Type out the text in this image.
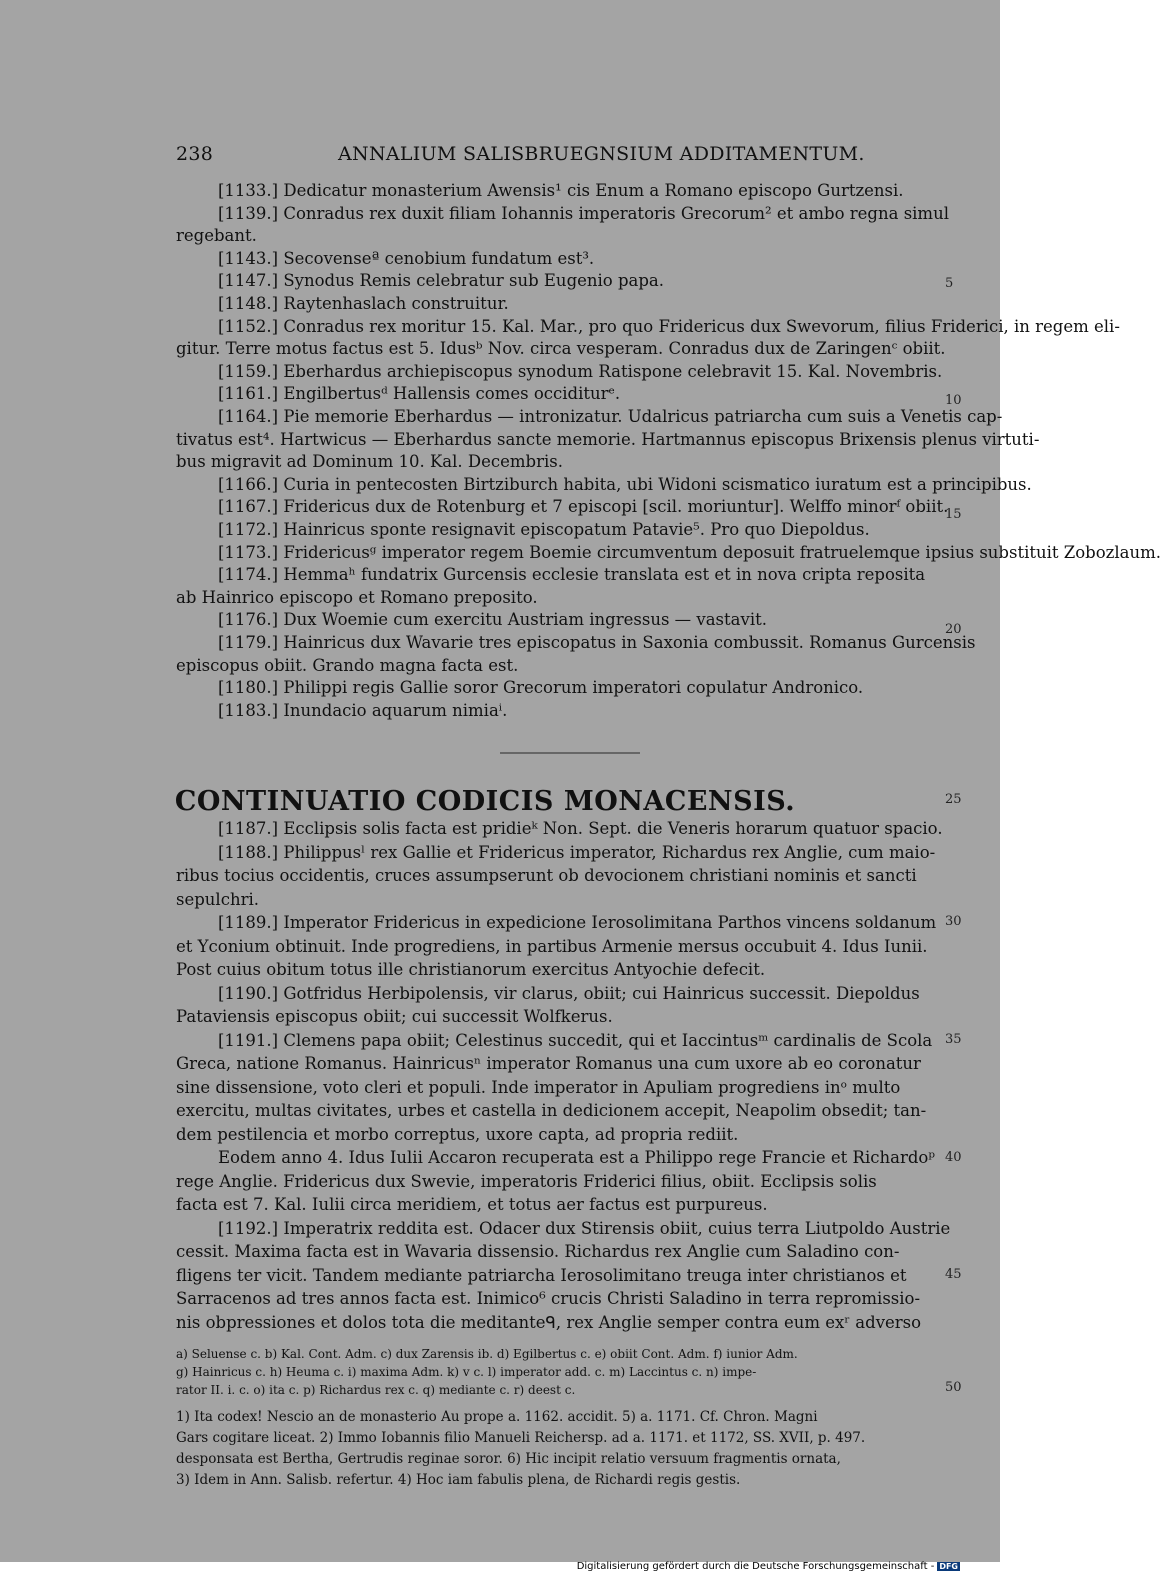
238	ANNALIUM SALISBRUEGNSIUM ADDITAMENTUM.
[1133.] Dedicatur monasterium Awensis¹ cis Enum a Romano episcopo Gurtzensi.
[1139.] Conradus rex duxit filiam Iohannis imperatoris Grecorum² et ambo regna simul
regebant.
[1143.] Secovenseª cenobium fundatum est³.
[1147.] Synodus Remis celebratur sub Eugenio papa.
[1148.] Raytenhaslach construitur.
[1152.] Conradus rex moritur 15. Kal. Mar., pro quo Fridericus dux Swevorum, filius Friderici, in regem eli-
gitur. Terre motus factus est 5. Idusᵇ Nov. circa vesperam. Conradus dux de Zaringenᶜ obiit.
[1159.] Eberhardus archiepiscopus synodum Ratispone celebravit 15. Kal. Novembris.
[1161.] Engilbertusᵈ Hallensis comes occiditurᵉ.
[1164.] Pie memorie Eberhardus — intronizatur. Udalricus patriarcha cum suis a Venetis cap-
tivatus est⁴. Hartwicus — Eberhardus sancte memorie. Hartmannus episcopus Brixensis plenus virtuti-
bus migravit ad Dominum 10. Kal. Decembris.
[1166.] Curia in pentecosten Birtziburch habita, ubi Widoni scismatico iuratum est a principibus.
[1167.] Fridericus dux de Rotenburg et 7 episcopi [scil. moriuntur]. Welffo minorᶠ obiit.
[1172.] Hainricus sponte resignavit episcopatum Patavie⁵. Pro quo Diepoldus.
[1173.] Fridericusᵍ imperator regem Boemie circumventum deposuit fratruelemque ipsius substituit Zobozlaum.
[1174.] Hemmaʰ fundatrix Gurcensis ecclesie translata est et in nova cripta reposita
ab Hainrico episcopo et Romano preposito.
[1176.] Dux Woemie cum exercitu Austriam ingressus — vastavit.
[1179.] Hainricus dux Wavarie tres episcopatus in Saxonia combussit. Romanus Gurcensis
episcopus obiit. Grando magna facta est.
[1180.] Philippi regis Gallie soror Grecorum imperatori copulatur Andronico.
[1183.] Inundacio aquarum nimiaⁱ.
CONTINUATIO CODICIS MONACENSIS.
[1187.] Ecclipsis solis facta est pridieᵏ Non. Sept. die Veneris horarum quatuor spacio.
[1188.] Philippusˡ rex Gallie et Fridericus imperator, Richardus rex Anglie, cum maio-
ribus tocius occidentis, cruces assumpserunt ob devocionem christiani nominis et sancti
sepulchri.
[1189.] Imperator Fridericus in expedicione Ierosolimitana Parthos vincens soldanum
et Yconium obtinuit. Inde progrediens, in partibus Armenie mersus occubuit 4. Idus Iunii.
Post cuius obitum totus ille christianorum exercitus Antyochie defecit.
[1190.] Gotfridus Herbipolensis, vir clarus, obiit; cui Hainricus successit. Diepoldus
Pataviensis episcopus obiit; cui successit Wolfkerus.
[1191.] Clemens papa obiit; Celestinus succedit, qui et Iaccintusᵐ cardinalis de Scola
Greca, natione Romanus. Hainricusⁿ imperator Romanus una cum uxore ab eo coronatur
sine dissensione, voto cleri et populi. Inde imperator in Apuliam progrediens inᵒ multo
exercitu, multas civitates, urbes et castella in dedicionem accepit, Neapolim obsedit; tan-
dem pestilencia et morbo correptus, uxore capta, ad propria rediit.
Eodem anno 4. Idus Iulii Accaron recuperata est a Philippo rege Francie et Richardoᵖ
rege Anglie. Fridericus dux Swevie, imperatoris Friderici filius, obiit. Ecclipsis solis
facta est 7. Kal. Iulii circa meridiem, et totus aer factus est purpureus.
[1192.] Imperatrix reddita est. Odacer dux Stirensis obiit, cuius terra Liutpoldo Austrie
cessit. Maxima facta est in Wavaria dissensio. Richardus rex Anglie cum Saladino con-
fligens ter vicit. Tandem mediante patriarcha Ierosolimitano treuga inter christianos et
Sarracenos ad tres annos facta est. Inimico⁶ crucis Christi Saladino in terra repromissio-
nis obpressiones et dolos tota die meditanteᑫ, rex Anglie semper contra eum exʳ adverso
5
10
15
20
25
30
35
40
45
50
a) Seluense c. b) Kal. Cont. Adm. c) dux Zarensis ib. d) Egilbertus c. e) obiit Cont. Adm. f) iunior Adm.
g) Hainricus c. h) Heuma c. i) maxima Adm. k) v c. l) imperator add. c. m) Laccintus c. n) impe-
rator II. i. c. o) ita c. p) Richardus rex c. q) mediante c. r) deest c.
1) Ita codex! Nescio an de monasterio Au prope a. 1162. accidit. 5) a. 1171. Cf. Chron. Magni
Gars cogitare liceat. 2) Immo Iobannis filio Manueli Reichersp. ad a. 1171. et 1172, SS. XVII, p. 497.
desponsata est Bertha, Gertrudis reginae soror. 6) Hic incipit relatio versuum fragmentis ornata,
3) Idem in Ann. Salisb. refertur. 4) Hoc iam fabulis plena, de Richardi regis gestis.
Digitalisierung gefördert durch die Deutsche Forschungsgemeinschaft - DFG
